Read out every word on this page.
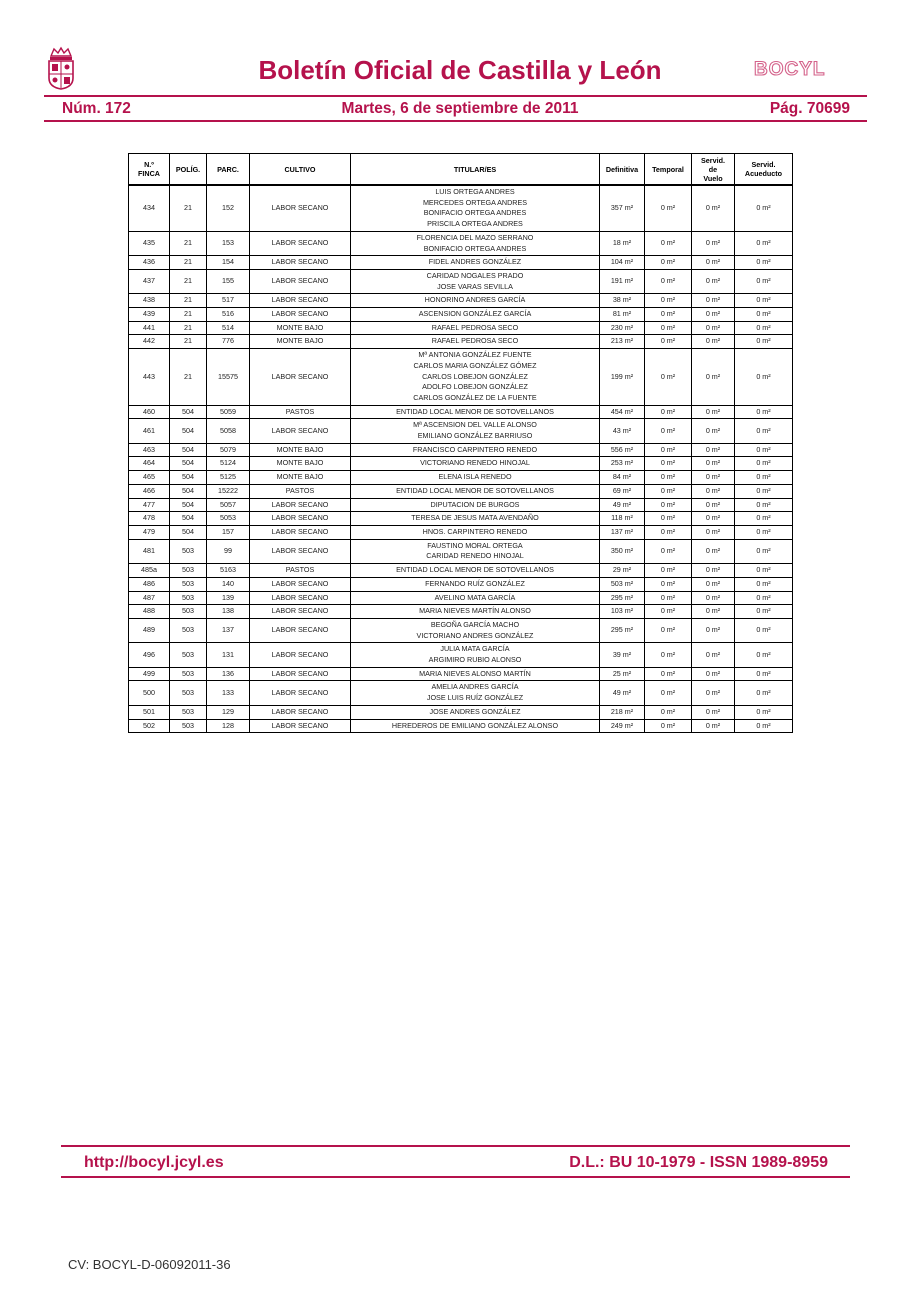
Boletín Oficial de Castilla y León	BOCYL
Núm. 172	Martes, 6 de septiembre de 2011	Pág. 70699
N.º
FINCA	POLÍG.	PARC.	CULTIVO	TITULAR/ES	Definitiva	Temporal	Servid.
de
Vuelo	Servid.
Acueducto
434	21	152	LABOR SECANO	LUIS ORTEGA ANDRES
MERCEDES ORTEGA ANDRES
BONIFACIO ORTEGA ANDRES
PRISCILA ORTEGA ANDRES	357 m²	0 m²	0 m²	0 m²
435	21	153	LABOR SECANO	FLORENCIA DEL MAZO SERRANO
BONIFACIO ORTEGA ANDRES	18 m²	0 m²	0 m²	0 m²
436	21	154	LABOR SECANO	FIDEL ANDRES GONZÁLEZ	104 m²	0 m²	0 m²	0 m²
437	21	155	LABOR SECANO	CARIDAD NOGALES PRADO
JOSE VARAS SEVILLA	191 m²	0 m²	0 m²	0 m²
438	21	517	LABOR SECANO	HONORINO ANDRES GARCÍA	38 m²	0 m²	0 m²	0 m²
439	21	516	LABOR SECANO	ASCENSION GONZÁLEZ GARCÍA	81 m²	0 m²	0 m²	0 m²
441	21	514	MONTE BAJO	RAFAEL PEDROSA SECO	230 m²	0 m²	0 m²	0 m²
442	21	776	MONTE BAJO	RAFAEL PEDROSA SECO	213 m²	0 m²	0 m²	0 m²
443	21	15575	LABOR SECANO	Mª ANTONIA GONZÁLEZ FUENTE
CARLOS MARIA GONZÁLEZ GÓMEZ
CARLOS LOBEJON GONZÁLEZ
ADOLFO LOBEJON GONZÁLEZ
CARLOS GONZÁLEZ DE LA FUENTE	199 m²	0 m²	0 m²	0 m²
460	504	5059	PASTOS	ENTIDAD LOCAL MENOR DE SOTOVELLANOS	454 m²	0 m²	0 m²	0 m²
461	504	5058	LABOR SECANO	Mª ASCENSION DEL VALLE ALONSO
EMILIANO GONZÁLEZ BARRIUSO	43 m²	0 m²	0 m²	0 m²
463	504	5079	MONTE BAJO	FRANCISCO CARPINTERO RENEDO	556 m²	0 m²	0 m²	0 m²
464	504	5124	MONTE BAJO	VICTORIANO RENEDO HINOJAL	253 m²	0 m²	0 m²	0 m²
465	504	5125	MONTE BAJO	ELENA ISLA RENEDO	84 m²	0 m²	0 m²	0 m²
466	504	15222	PASTOS	ENTIDAD LOCAL MENOR DE SOTOVELLANOS	69 m²	0 m²	0 m²	0 m²
477	504	5057	LABOR SECANO	DIPUTACION DE BURGOS	49 m²	0 m²	0 m²	0 m²
478	504	5053	LABOR SECANO	TERESA DE JESUS MATA AVENDAÑO	118 m²	0 m²	0 m²	0 m²
479	504	157	LABOR SECANO	HNOS. CARPINTERO RENEDO	137 m²	0 m²	0 m²	0 m²
481	503	99	LABOR SECANO	FAUSTINO MORAL ORTEGA
CARIDAD RENEDO HINOJAL	350 m²	0 m²	0 m²	0 m²
485a	503	5163	PASTOS	ENTIDAD LOCAL MENOR DE SOTOVELLANOS	29 m²	0 m²	0 m²	0 m²
486	503	140	LABOR SECANO	FERNANDO RUÍZ GONZÁLEZ	503 m²	0 m²	0 m²	0 m²
487	503	139	LABOR SECANO	AVELINO MATA GARCÍA	295 m²	0 m²	0 m²	0 m²
488	503	138	LABOR SECANO	MARIA NIEVES MARTÍN ALONSO	103 m²	0 m²	0 m²	0 m²
489	503	137	LABOR SECANO	BEGOÑA GARCÍA MACHO
VICTORIANO ANDRES GONZÁLEZ	295 m²	0 m²	0 m²	0 m²
496	503	131	LABOR SECANO	JULIA MATA GARCÍA
ARGIMIRO RUBIO ALONSO	39 m²	0 m²	0 m²	0 m²
499	503	136	LABOR SECANO	MARIA NIEVES ALONSO MARTÍN	25 m²	0 m²	0 m²	0 m²
500	503	133	LABOR SECANO	AMELIA ANDRES GARCÍA
JOSE LUIS RUÍZ GONZÁLEZ	49 m²	0 m²	0 m²	0 m²
501	503	129	LABOR SECANO	JOSE ANDRES GONZÁLEZ	218 m²	0 m²	0 m²	0 m²
502	503	128	LABOR SECANO	HEREDEROS DE EMILIANO GONZÁLEZ ALONSO	249 m²	0 m²	0 m²	0 m²
http://bocyl.jcyl.es	D.L.: BU 10-1979 - ISSN 1989-8959
CV: BOCYL-D-06092011-36
